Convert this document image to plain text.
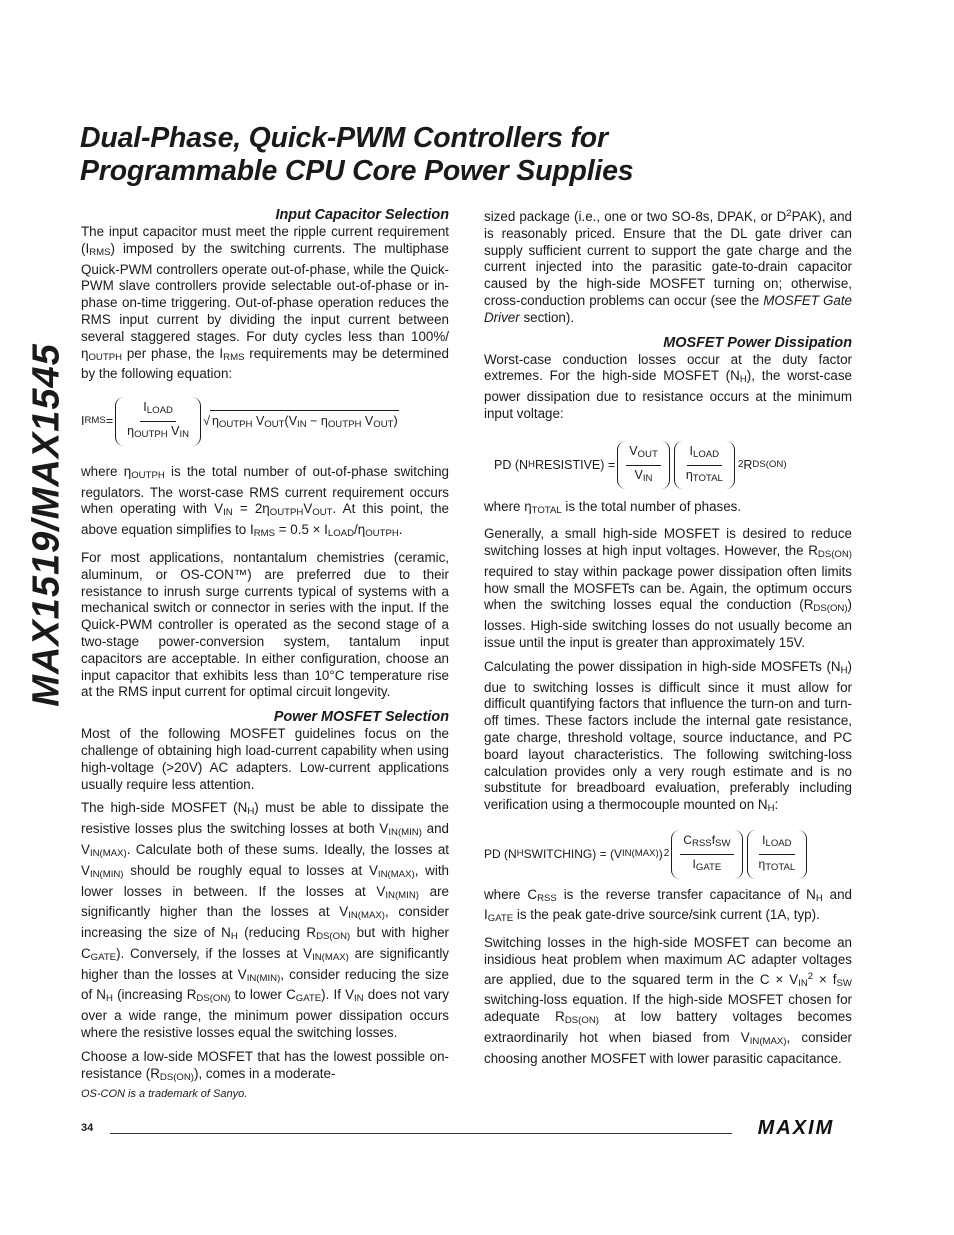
Dual-Phase, Quick-PWM Controllers for
Programmable CPU Core Power Supplies
MAX1519/MAX1545
Input Capacitor Selection

The input capacitor must meet the ripple current requirement $(I_{RMS})$ imposed by the switching currents. The multiphase Quick-PWM controllers operate out-of-phase, while the Quick-PWM slave controllers provide selectable out-of-phase or in-phase on-time triggering. Out-of-phase operation reduces the RMS input current by dividing the input current between several staggered stages. For duty cycles less than $100\%/\eta_{OUTPH}$ per phase, the $I_{RMS}$ requirements may be determined by the following equation:

I RMS = $\frac{I_{LOAD}}{\eta_{OUTPH} V_{IN}}$ √ $\eta_{OUTPH}$ $V_{OUT}(V_{IN} - \eta_{OUTPH}$ $V_{OUT}$)

where $\eta_{OUTPH}$ is the total number of out-of-phase switching regulators. The worst-case RMS current requirement occurs when operating with $V_{IN} = 2\eta_{OUTPH}V_{OUT}$. At this point, the above equation simplifies to $I_{RMS} = 0.5 \times I_{LOAD}/\eta_{OUTPH}$.

For most applications, nontantalum chemistries (ceramic, aluminum, or OS-CON™) are preferred due to their resistance to inrush surge currents typical of systems with a mechanical switch or connector in series with the input. If the Quick-PWM controller is operated as the second stage of a two-stage power-conversion system, tantalum input capacitors are acceptable. In either configuration, choose an input capacitor that exhibits less than 10°C temperature rise at the RMS input current for optimal circuit longevity.

Power MOSFET Selection

Most of the following MOSFET guidelines focus on the challenge of obtaining high load-current capability when using high-voltage (>20V) AC adapters. Low-current applications usually require less attention.

The high-side MOSFET $(N_H)$ must be able to dissipate the resistive losses plus the switching losses at both $V_{IN(MIN)}$ and $V_{IN(MAX)}$. Calculate both of these sums. Ideally, the losses at $V_{IN(MIN)}$ should be roughly equal to losses at $V_{IN(MAX)}$, with lower losses in between. If the losses at $V_{IN(MIN)}$ are significantly higher than the losses at $V_{IN(MAX)}$, consider increasing the size of $N_H$ (reducing $R_{DS(ON)}$ but with higher $C_{GATE}$). Conversely, if the losses at $V_{IN(MAX)}$ are significantly higher than the losses at $V_{IN(MIN)}$, consider reducing the size of $N_H$ (increasing $R_{DS(ON)}$ to lower $C_{GATE}$). If $V_{IN}$ does not vary over a wide range, the minimum power dissipation occurs where the resistive losses equal the switching losses.

Choose a low-side MOSFET that has the lowest possible on-resistance $(R_{DS(ON)})$, comes in a moderate-

sized package (i.e., one or two SO-8s, DPAK, or $D^2PAK$), and is reasonably priced. Ensure that the DL gate driver can supply sufficient current to support the gate charge and the current injected into the parasitic gate-to-drain capacitor caused by the high-side MOSFET turning on; otherwise, cross-conduction problems can occur (see the MOSFET Gate Driver section).

MOSFET Power Dissipation

Worst-case conduction losses occur at the duty factor extremes. For the high-side MOSFET $(N_H)$, the worst-case power dissipation due to resistance occurs at the minimum input voltage:

PD (N H RESISTIVE) = $\frac{V_{OUT}}{V_{IN}} \frac{I_{LOAD}}{\eta_{TOTAL}} 2$ R DS(ON)

where $\eta_{TOTAL}$ is the total number of phases.

Generally, a small high-side MOSFET is desired to reduce switching losses at high input voltages. However, the $R_{DS(ON)}$ required to stay within package power dissipation often limits how small the MOSFETs can be. Again, the optimum occurs when the switching losses equal the conduction $(R_{DS(ON)})$ losses. High-side switching losses do not usually become an issue until the input is greater than approximately 15V.

Calculating the power dissipation in high-side MOSFETs $(N_H)$ due to switching losses is difficult since it must allow for difficult quantifying factors that influence the turn-on and turn-off times. These factors include the internal gate resistance, gate charge, threshold voltage, source inductance, and PC board layout characteristics. The following switching-loss calculation provides only a very rough estimate and is no substitute for breadboard evaluation, preferably including verification using a thermocouple mounted on $N_H$:

PD (N H SWITCHING) = (V IN(MAX) ) $2 \frac{C_{RSS}f_{SW}}{I_{GATE}} \frac{I_{LOAD}}{\eta_{TOTAL}}$

where $C_{RSS}$ is the reverse transfer capacitance of $N_H$ and $I_{GATE}$ is the peak gate-drive source/sink current (1A, typ).

Switching losses in the high-side MOSFET can become an insidious heat problem when maximum AC adapter voltages are applied, due to the squared term in the $C \times V_{IN}^2 \times f_{SW}$ switching-loss equation. If the high-side MOSFET chosen for adequate $R_{DS(ON)}$ at low battery voltages becomes extraordinarily hot when biased from $V_{IN(MAX)}$, consider choosing another MOSFET with lower parasitic capacitance.

OS-CON is a trademark of Sanyo.
34	MAXIM
